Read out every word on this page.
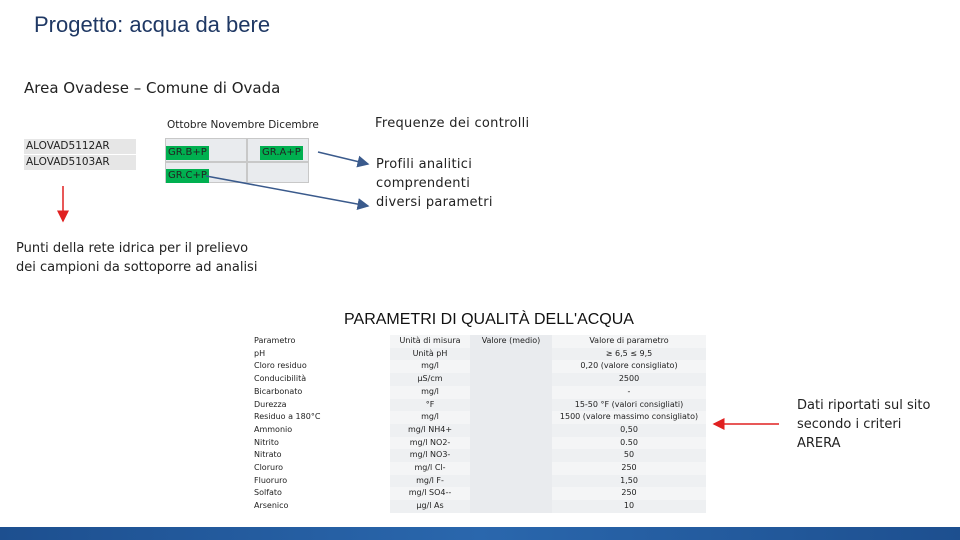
Progetto: acqua da bere
Area Ovadese – Comune di Ovada
Ottobre Novembre Dicembre	Frequenze dei controlli
ALOVAD5112AR
ALOVAD5103AR
GR.B+P	GR.A+P
GR.C+P
Profili analitici
comprendenti
diversi parametri
Punti della rete idrica per il prelievo
dei campioni da sottoporre ad analisi
PARAMETRI DI QUALITÀ DELL'ACQUA
Parametro	Unità di misura	Valore (medio)	Valore di parametro
pH	Unità pH		≥ 6,5 ≤ 9,5
Cloro residuo	mg/l		0,20 (valore consigliato)
Conducibilità	µS/cm		2500
Bicarbonato	mg/l		-
Durezza	°F		15-50 °F (valori consigliati)
Residuo a 180°C	mg/l		1500 (valore massimo consigliato)
Ammonio	mg/l NH4+		0,50
Nitrito	mg/l NO2-		0.50
Nitrato	mg/l NO3-		50
Cloruro	mg/l Cl-		250
Fluoruro	mg/l F-		1,50
Solfato	mg/l SO4--		250
Arsenico	µg/l As		10
Dati riportati sul sito
secondo i criteri
ARERA
